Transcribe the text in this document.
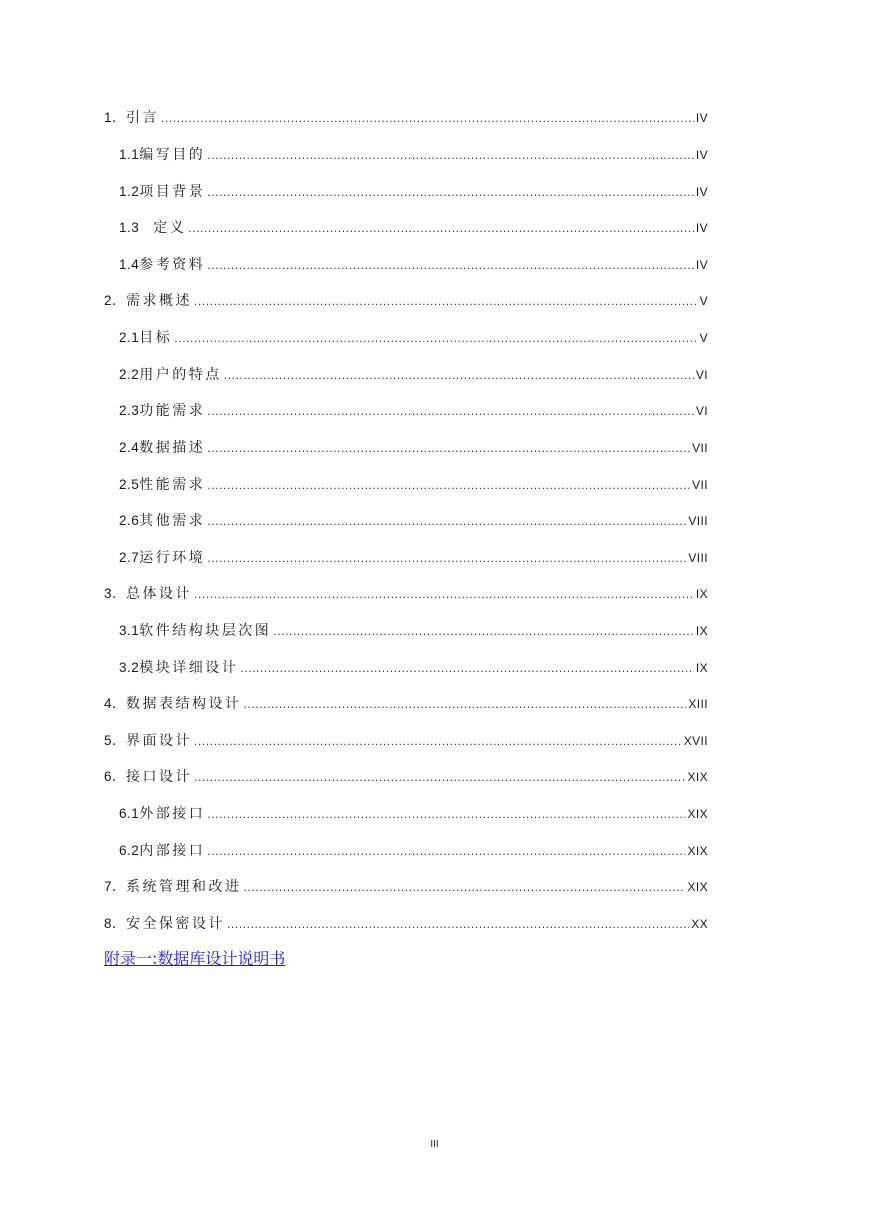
1． 引言 .....	IV
1.1 编写目的 .....	IV
1.2 项目背景 .....	IV
1.3　 定义 .....	IV
1.4 参考资料 .....	IV
2． 需求概述 .....	V
2.1 目标 .....	V
2.2 用户的特点 .....	VI
2.3 功能需求 .....	VI
2.4 数据描述 .....	VII
2.5 性能需求 .....	VII
2.6 其他需求 .....	VIII
2.7 运行环境 .....	VIII
3． 总体设计 .....	IX
3.1 软件结构块层次图 .....	IX
3.2 模块详细设计 .....	IX
4． 数据表结构设计 .....	XIII
5． 界面设计 .....	XVII
6． 接口设计 .....	XIX
6.1 外部接口 .....	XIX
6.2 内部接口 .....	XIX
7． 系统管理和改进 .....	XIX
8． 安全保密设计 .....	XX
附录一:数据库设计说明书
III
